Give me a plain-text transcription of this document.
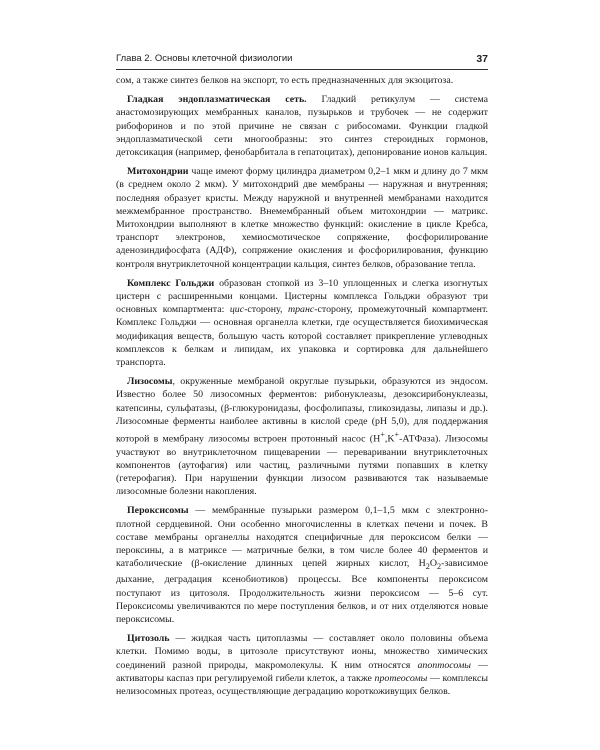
Глава 2. Основы клеточной физиологии	37

сом, а также синтез белков на экспорт, то есть предназначенных для экзоцитоза.

Гладкая эндоплазматическая сеть. Гладкий ретикулум — система анастомозирующих мембранных каналов, пузырьков и трубочек — не содержит рибофоринов и по этой причине не связан с рибосомами. Функции гладкой эндоплазматической сети многообразны: это синтез стероидных гормонов, детоксикация (например, фенобарбитала в гепатоцитах), депонирование ионов кальция.

Митохондрии чаще имеют форму цилиндра диаметром 0,2–1 мкм и длину до 7 мкм (в среднем около 2 мкм). У митохондрий две мембраны — наружная и внутренняя; последняя образует кристы. Между наружной и внутренней мембранами находится межмембранное пространство. Внемембранный объем митохондрии — матрикс. Митохондрии выполняют в клетке множество функций: окисление в цикле Кребса, транспорт электронов, хемиосмотическое сопряжение, фосфорилирование аденозиндифосфата (АДФ), сопряжение окисления и фосфорилирования, функцию контроля внутриклеточной концентрации кальция, синтез белков, образование тепла.

Комплекс Гольджи образован стопкой из 3–10 уплощенных и слегка изогнутых цистерн с расширенными концами. Цистерны комплекса Гольджи образуют три основных компартмента: цис-сторону, транс-сторону, промежуточный компартмент. Комплекс Гольджи — основная органелла клетки, где осуществляется биохимическая модификация веществ, большую часть которой составляет прикрепление углеводных комплексов к белкам и липидам, их упаковка и сортировка для дальнейшего транспорта.

Лизосомы, окруженные мембраной округлые пузырьки, образуются из эндосом. Известно более 50 лизосомных ферментов: рибонуклеазы, дезоксирибонуклеазы, катепсины, сульфатазы, (β-глюкуронидазы, фосфолипазы, гликозидазы, липазы и др.). Лизосомные ферменты наиболее активны в кислой среде (pH 5,0), для поддержания которой в мембрану лизосомы встроен протонный насос (H+,K+-АТФаза). Лизосомы участвуют во внутриклеточном пищеварении — переваривании внутриклеточных компонентов (аутофагия) или частиц, различными путями попавших в клетку (гетерофагия). При нарушении функции лизосом развиваются так называемые лизосомные болезни накопления.

Пероксисомы — мембранные пузырьки размером 0,1–1,5 мкм с электронно-плотной сердцевиной. Они особенно многочисленны в клетках печени и почек. В составе мембраны органеллы находятся специфичные для пероксисом белки — пероксины, а в матриксе — матричные белки, в том числе более 40 ферментов и катаболические (β-окисление длинных цепей жирных кислот, $H_2O_2$-зависимое дыхание, деградация ксенобиотиков) процессы. Все компоненты пероксисом поступают из цитозоля. Продолжительность жизни пероксисом — 5–6 сут. Пероксисомы увеличиваются по мере поступления белков, и от них отделяются новые пероксисомы.

Цитозоль — жидкая часть цитоплазмы — составляет около половины объема клетки. Помимо воды, в цитозоле присутствуют ионы, множество химических соединений разной природы, макромолекулы. К ним относятся апоптосомы — активаторы каспаз при регулируемой гибели клеток, а также протеосомы — комплексы нелизосомных протеаз, осуществляющие деградацию короткоживущих белков.
